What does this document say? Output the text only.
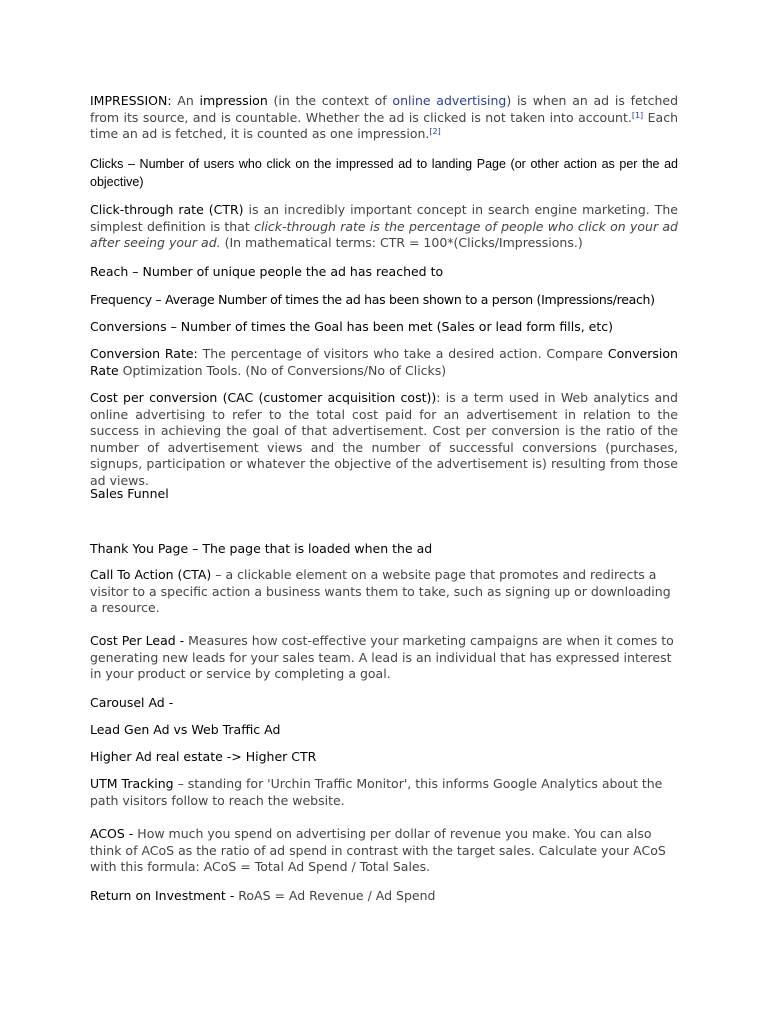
IMPRESSION: An impression (in the context of online advertising) is when an ad is fetched from its source, and is countable. Whether the ad is clicked is not taken into account.[1] Each time an ad is fetched, it is counted as one impression.[2]

Clicks – Number of users who click on the impressed ad to landing Page (or other action as per the ad objective)

Click-through rate (CTR) is an incredibly important concept in search engine marketing. The simplest definition is that click-through rate is the percentage of people who click on your ad after seeing your ad. (In mathematical terms: CTR = 100*(Clicks/Impressions.)

Reach – Number of unique people the ad has reached to

Frequency – Average Number of times the ad has been shown to a person (Impressions/reach)

Conversions – Number of times the Goal has been met (Sales or lead form fills, etc)

Conversion Rate: The percentage of visitors who take a desired action. Compare Conversion Rate Optimization Tools. (No of Conversions/No of Clicks)

Cost per conversion (CAC (customer acquisition cost)): is a term used in Web analytics and online advertising to refer to the total cost paid for an advertisement in relation to the success in achieving the goal of that advertisement. Cost per conversion is the ratio of the number of advertisement views and the number of successful conversions (purchases, signups, participation or whatever the objective of the advertisement is) resulting from those ad views.

Sales Funnel

Thank You Page – The page that is loaded when the ad

Call To Action (CTA) – a clickable element on a website page that promotes and redirects a visitor to a specific action a business wants them to take, such as signing up or downloading a resource.

Cost Per Lead - Measures how cost-effective your marketing campaigns are when it comes to generating new leads for your sales team. A lead is an individual that has expressed interest in your product or service by completing a goal.

Carousel Ad -

Lead Gen Ad vs Web Traffic Ad

Higher Ad real estate -> Higher CTR

UTM Tracking – standing for 'Urchin Traffic Monitor', this informs Google Analytics about the path visitors follow to reach the website.

ACOS - How much you spend on advertising per dollar of revenue you make. You can also think of ACoS as the ratio of ad spend in contrast with the target sales. Calculate your ACoS with this formula: ACoS = Total Ad Spend / Total Sales.

Return on Investment - RoAS = Ad Revenue / Ad Spend
